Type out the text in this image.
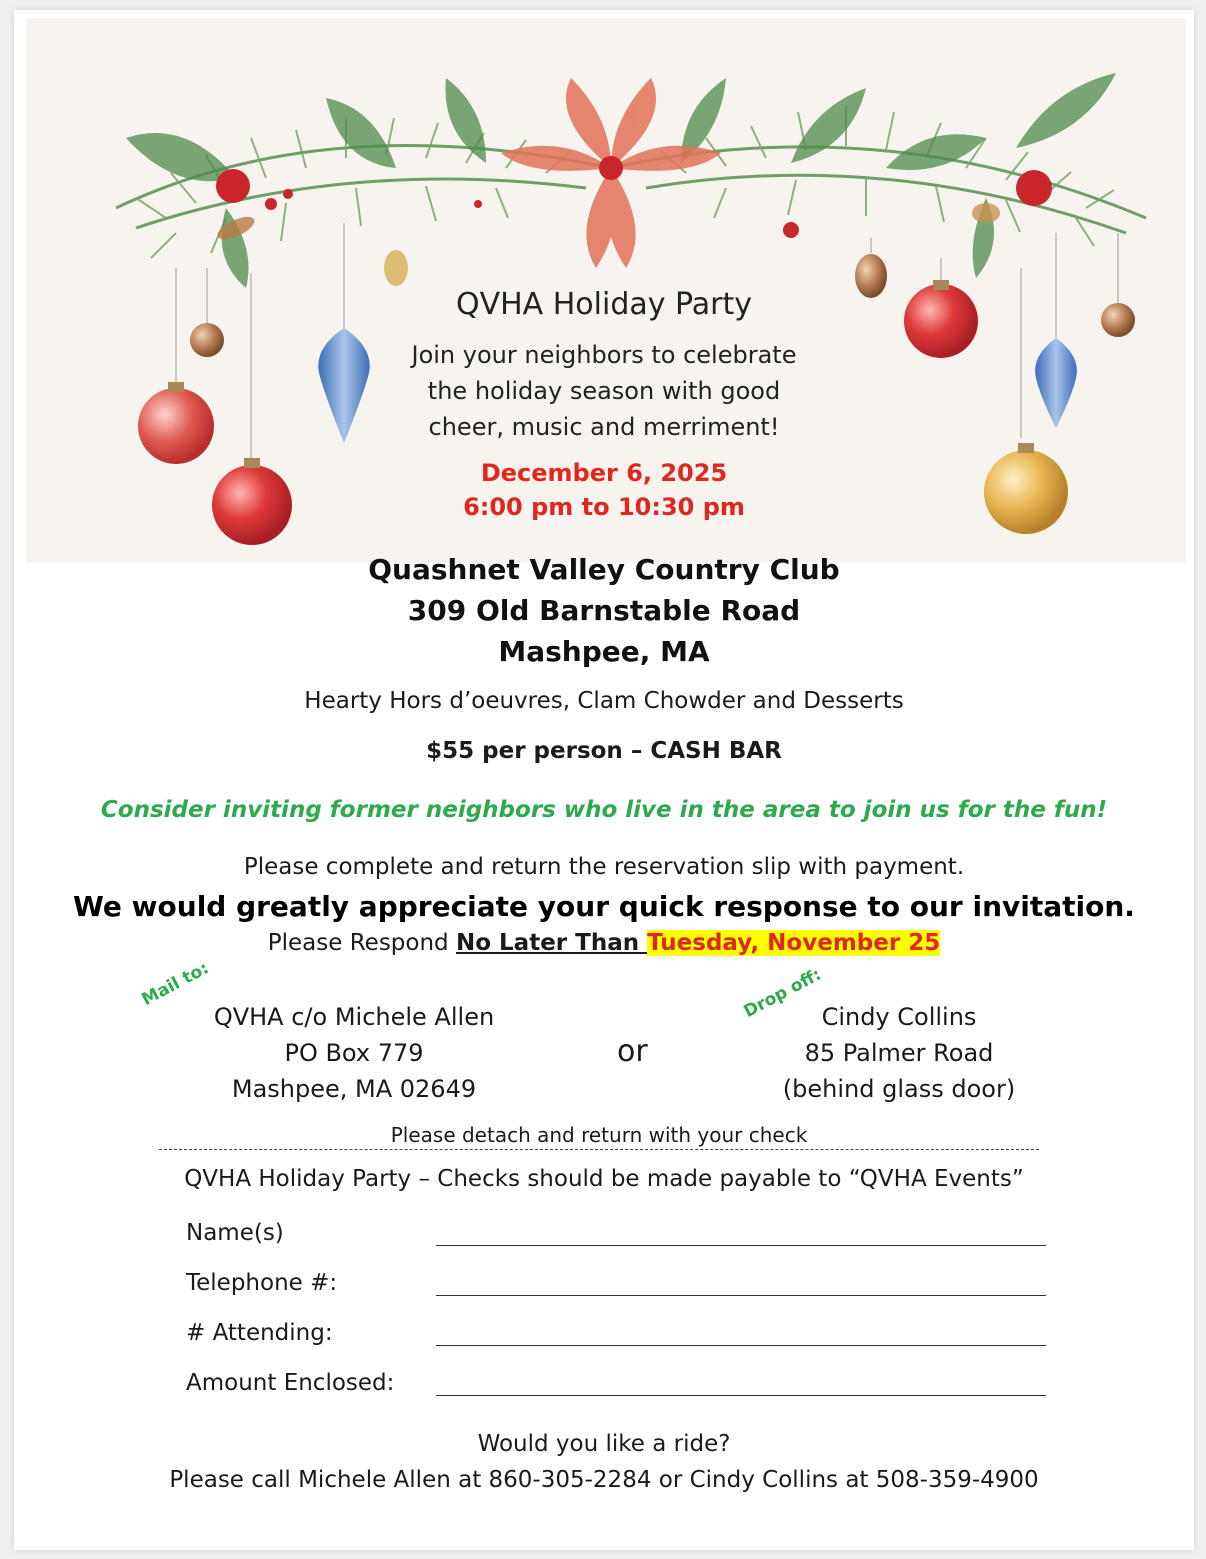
QVHA Holiday Party
Join your neighbors to celebrate
the holiday season with good
cheer, music and merriment!
December 6, 2025
6:00 pm to 10:30 pm
Quashnet Valley Country Club
309 Old Barnstable Road
Mashpee, MA
Hearty Hors d’oeuvres, Clam Chowder and Desserts
$55 per person – CASH BAR
Consider inviting former neighbors who live in the area to join us for the fun!
Please complete and return the reservation slip with payment.
We would greatly appreciate your quick response to our invitation.
Please Respond No Later Than Tuesday, November 25
Mail to:
QVHA c/o Michele Allen
PO Box 779
Mashpee, MA 02649
or
Drop off:
Cindy Collins
85 Palmer Road
(behind glass door)
Please detach and return with your check
QVHA Holiday Party – Checks should be made payable to “QVHA Events”
Name(s)
Telephone #:
# Attending:
Amount Enclosed:
Would you like a ride?
Please call Michele Allen at 860-305-2284 or Cindy Collins at 508-359-4900
